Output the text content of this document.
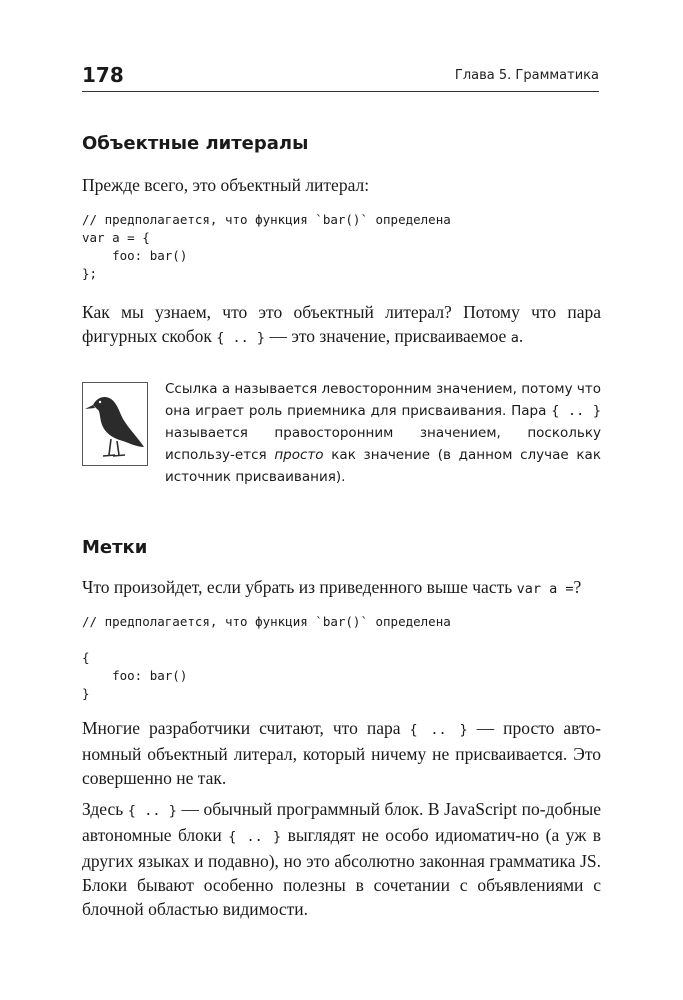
178	Глава 5. Грамматика
Объектные литералы

Прежде всего, это объектный литерал:

// предполагается, что функция `bar()` определена
var a = {
foo: bar()
};

Как мы узнаем, что это объектный литерал? Потому что пара фигурных скобок { .. } — это значение, присваиваемое a.

Ссылка a называется левосторонним значением, потому что она играет роль приемника для присваивания. Пара { .. } называется правосторонним значением, поскольку использу-ется просто как значение (в данном случае как источник присваивания).

Метки

Что произойдет, если убрать из приведенного выше часть var a =?

// предполагается, что функция `bar()` определена

{
foo: bar()
}

Многие разработчики считают, что пара { .. } — просто авто-номный объектный литерал, который ничему не присваивается. Это совершенно не так.

Здесь { .. } — обычный программный блок. В JavaScript по-добные автономные блоки { .. } выглядят не особо идиоматич-но (а уж в других языках и подавно), но это абсолютно законная грамматика JS. Блоки бывают особенно полезны в сочетании с объявлениями с блочной областью видимости.
